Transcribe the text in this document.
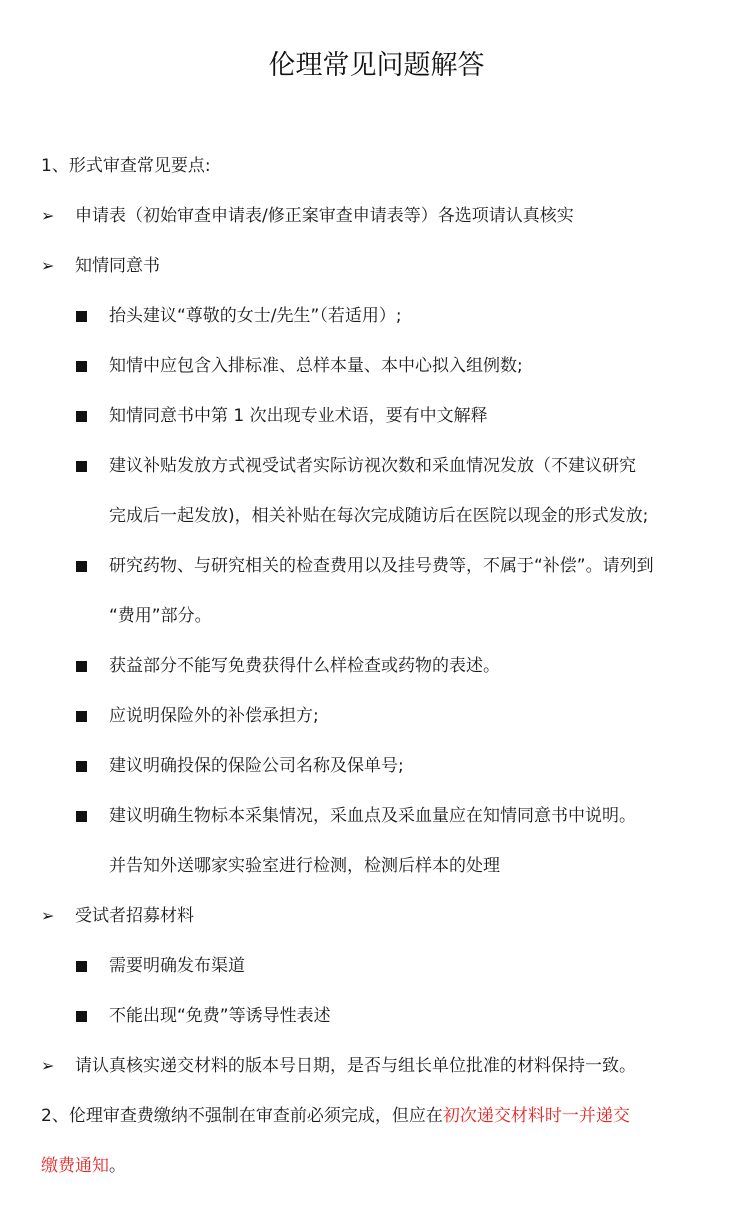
伦理常见问题解答
1、形式审查常见要点:
➢	申请表（初始审查申请表/修正案审查申请表等）各选项请认真核实
➢	知情同意书
抬头建议“尊敬的女士/先生”（若适用）;
知情中应包含入排标准、总样本量、本中心拟入组例数;
知情同意书中第 1 次出现专业术语，要有中文解释
建议补贴发放方式视受试者实际访视次数和采血情况发放（不建议研究
完成后一起发放)，相关补贴在每次完成随访后在医院以现金的形式发放;
研究药物、与研究相关的检查费用以及挂号费等，不属于“补偿”。请列到
“费用”部分。
获益部分不能写免费获得什么样检查或药物的表述。
应说明保险外的补偿承担方;
建议明确投保的保险公司名称及保单号;
建议明确生物标本采集情况，采血点及采血量应在知情同意书中说明。
并告知外送哪家实验室进行检测，检测后样本的处理
➢	受试者招募材料
需要明确发布渠道
不能出现“免费”等诱导性表述
➢	请认真核实递交材料的版本号日期，是否与组长单位批准的材料保持一致。
2、伦理审查费缴纳不强制在审查前必须完成，但应在初次递交材料时一并递交
缴费通知。
